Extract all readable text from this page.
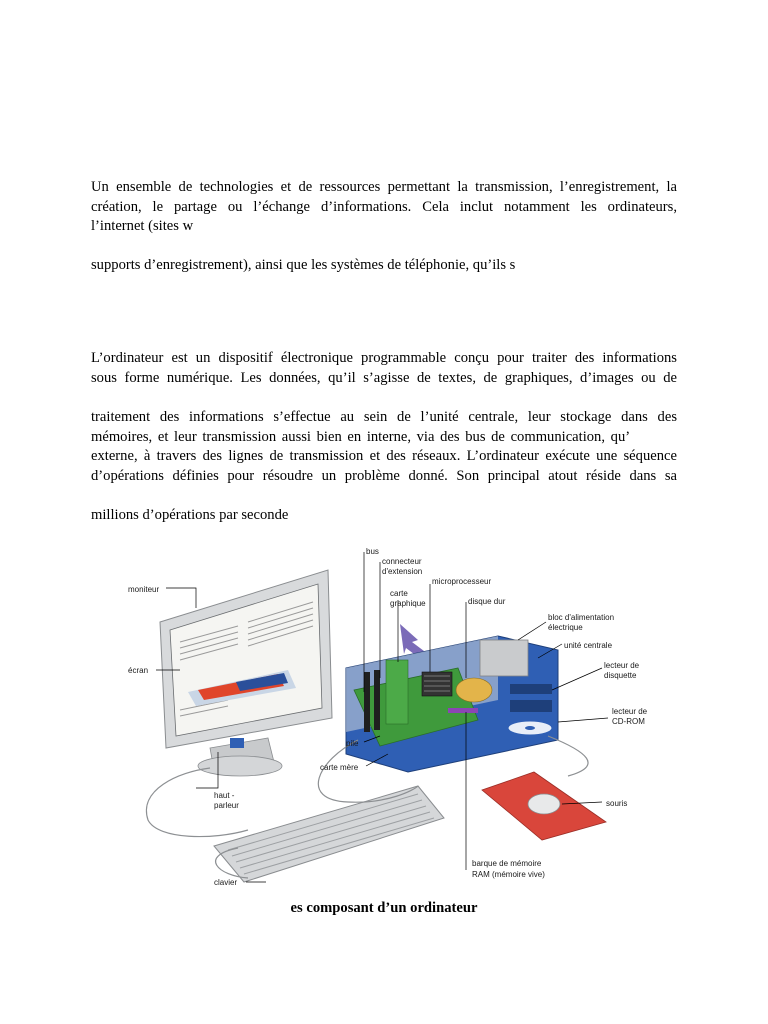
Un ensemble de technologies et de ressources permettant la transmission, l’enregistrement, la
création, le partage ou l’échange d’informations. Cela inclut notamment les ordinateurs,
l’internet (sites w
supports d’enregistrement), ainsi que les systèmes de téléphonie, qu’ils s
L’ordinateur est un dispositif électronique programmable conçu pour traiter des informations
sous forme numérique. Les données, qu’il s’agisse de textes, de graphiques, d’images ou de
traitement des informations s’effectue au sein de l’unité centrale, leur stockage dans des
mémoires, et leur transmission aussi bien en interne, via des bus de communication, qu’
externe, à travers des lignes de transmission et des réseaux. L’ordinateur exécute une séquence
d’opérations définies pour résoudre un problème donné. Son principal atout réside dans sa
millions d’opérations par seconde
moniteur
écran
haut -
parleur
clavier
bus
connecteur
d'extension
carte
graphique
microprocesseur
disque dur
bloc d'alimentation
électrique
unité centrale
lecteur de
disquette
lecteur de
CD-ROM
pile
carte mère
souris
barque de mémoire
RAM (mémoire vive)
es composant d’un ordinateur
